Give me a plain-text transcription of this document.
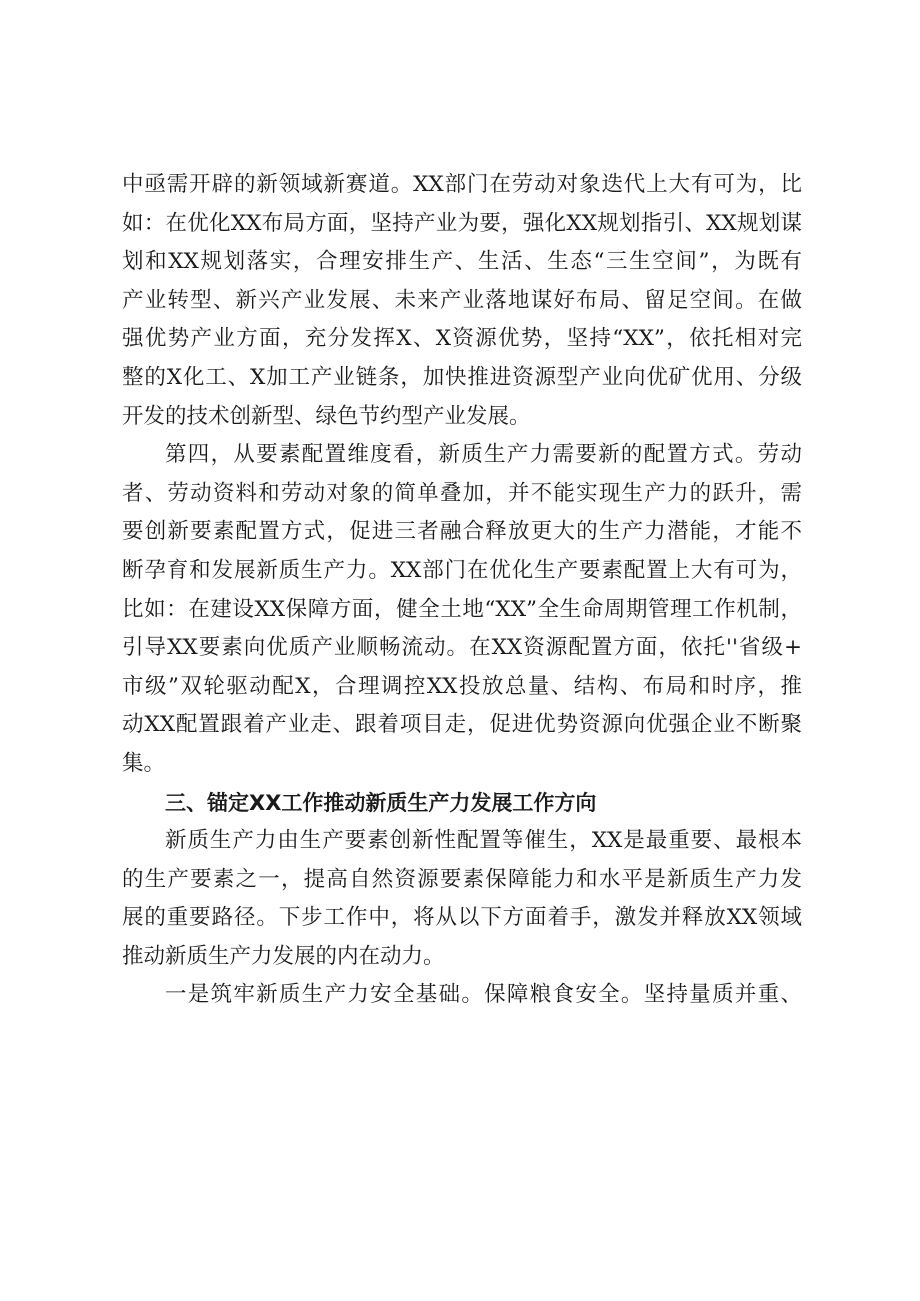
中亟需开辟的新领域新赛道。XX部门在劳动对象迭代上大有可为，比
如：在优化XX布局方面，坚持产业为要，强化XX规划指引、XX规划谋
划和XX规划落实，合理安排生产、生活、生态“三生空间”，为既有
产业转型、新兴产业发展、未来产业落地谋好布局、留足空间。在做
强优势产业方面，充分发挥X、X资源优势，坚持“XX”，依托相对完
整的X化工、X加工产业链条，加快推进资源型产业向优矿优用、分级
开发的技术创新型、绿色节约型产业发展。
第四，从要素配置维度看，新质生产力需要新的配置方式。劳动
者、劳动资料和劳动对象的简单叠加，并不能实现生产力的跃升，需
要创新要素配置方式，促进三者融合释放更大的生产力潜能，才能不
断孕育和发展新质生产力。XX部门在优化生产要素配置上大有可为，
比如：在建设XX保障方面，健全土地“XX”全生命周期管理工作机制，
引导XX要素向优质产业顺畅流动。在XX资源配置方面，依托''省级+
市级”双轮驱动配X，合理调控XX投放总量、结构、布局和时序，推
动XX配置跟着产业走、跟着项目走，促进优势资源向优强企业不断聚
集。
三、锚定XX工作推动新质生产力发展工作方向
新质生产力由生产要素创新性配置等催生，XX是最重要、最根本
的生产要素之一，提高自然资源要素保障能力和水平是新质生产力发
展的重要路径。下步工作中，将从以下方面着手，激发并释放XX领域
推动新质生产力发展的内在动力。
一是筑牢新质生产力安全基础。保障粮食安全。坚持量质并重、
